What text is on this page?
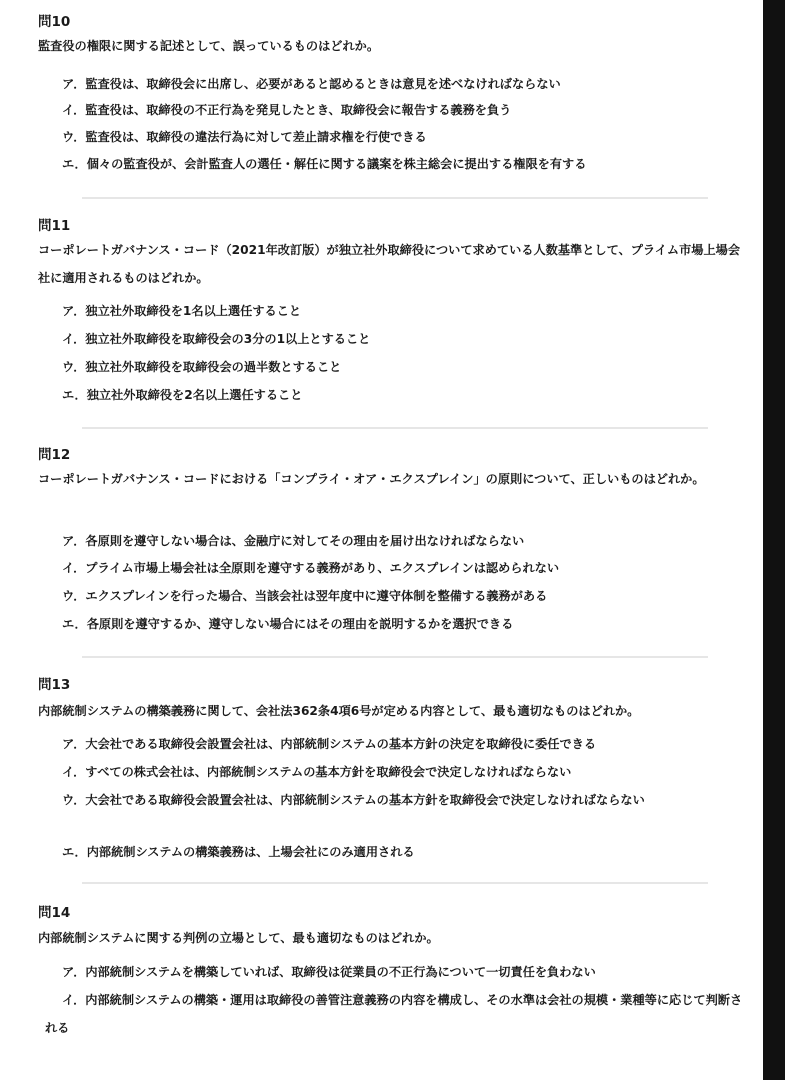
問10
監査役の権限に関する記述として、誤っているものはどれか。
ア．監査役は、取締役会に出席し、必要があると認めるときは意見を述べなければならない
イ．監査役は、取締役の不正行為を発見したとき、取締役会に報告する義務を負う
ウ．監査役は、取締役の違法行為に対して差止請求権を行使できる
エ．個々の監査役が、会計監査人の選任・解任に関する議案を株主総会に提出する権限を有する
問11
コーポレートガバナンス・コード（2021年改訂版）が独立社外取締役について求めている人数基準として、プライム市場上場会社に適用されるものはどれか。
ア．独立社外取締役を1名以上選任すること
イ．独立社外取締役を取締役会の3分の1以上とすること
ウ．独立社外取締役を取締役会の過半数とすること
エ．独立社外取締役を2名以上選任すること
問12
コーポレートガバナンス・コードにおける「コンプライ・オア・エクスプレイン」の原則について、正しいものはどれか。
ア．各原則を遵守しない場合は、金融庁に対してその理由を届け出なければならない
イ．プライム市場上場会社は全原則を遵守する義務があり、エクスプレインは認められない
ウ．エクスプレインを行った場合、当該会社は翌年度中に遵守体制を整備する義務がある
エ．各原則を遵守するか、遵守しない場合にはその理由を説明するかを選択できる
問13
内部統制システムの構築義務に関して、会社法362条4項6号が定める内容として、最も適切なものはどれか。
ア．大会社である取締役会設置会社は、内部統制システムの基本方針の決定を取締役に委任できる
イ．すべての株式会社は、内部統制システムの基本方針を取締役会で決定しなければならない
ウ．大会社である取締役会設置会社は、内部統制システムの基本方針を取締役会で決定しなければならない
エ．内部統制システムの構築義務は、上場会社にのみ適用される
問14
内部統制システムに関する判例の立場として、最も適切なものはどれか。
ア．内部統制システムを構築していれば、取締役は従業員の不正行為について一切責任を負わない
イ．内部統制システムの構築・運用は取締役の善管注意義務の内容を構成し、その水準は会社の規模・業種等に応じて判断される
